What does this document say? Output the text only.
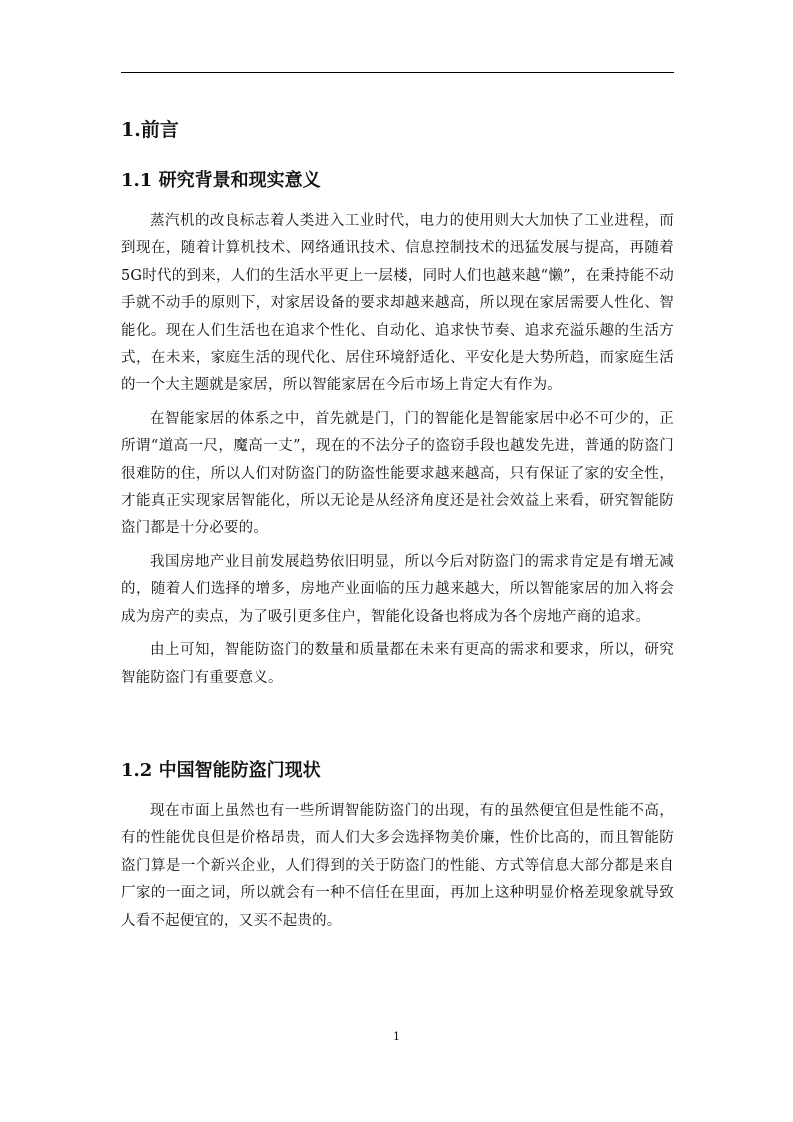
1.前言
1.1 研究背景和现实意义

蒸汽机的改良标志着人类进入工业时代，电力的使用则大大加快了工业进程，而到现在，随着计算机技术、网络通讯技术、信息控制技术的迅猛发展与提高，再随着5G时代的到来，人们的生活水平更上一层楼，同时人们也越来越“懒”，在秉持能不动手就不动手的原则下，对家居设备的要求却越来越高，所以现在家居需要人性化、智能化。现在人们生活也在追求个性化、自动化、追求快节奏、追求充溢乐趣的生活方式，在未来，家庭生活的现代化、居住环境舒适化、平安化是大势所趋，而家庭生活的一个大主题就是家居，所以智能家居在今后市场上肯定大有作为。

在智能家居的体系之中，首先就是门，门的智能化是智能家居中必不可少的，正所谓“道高一尺，魔高一丈”，现在的不法分子的盗窃手段也越发先进，普通的防盗门很难防的住，所以人们对防盗门的防盗性能要求越来越高，只有保证了家的安全性，才能真正实现家居智能化，所以无论是从经济角度还是社会效益上来看，研究智能防盗门都是十分必要的。

我国房地产业目前发展趋势依旧明显，所以今后对防盗门的需求肯定是有增无减的，随着人们选择的增多，房地产业面临的压力越来越大，所以智能家居的加入将会成为房产的卖点，为了吸引更多住户，智能化设备也将成为各个房地产商的追求。

由上可知，智能防盗门的数量和质量都在未来有更高的需求和要求，所以，研究智能防盗门有重要意义。

1.2 中国智能防盗门现状

现在市面上虽然也有一些所谓智能防盗门的出现，有的虽然便宜但是性能不高，有的性能优良但是价格昂贵，而人们大多会选择物美价廉，性价比高的，而且智能防盗门算是一个新兴企业，人们得到的关于防盗门的性能、方式等信息大部分都是来自厂家的一面之词，所以就会有一种不信任在里面，再加上这种明显价格差现象就导致人看不起便宜的，又买不起贵的。

1
